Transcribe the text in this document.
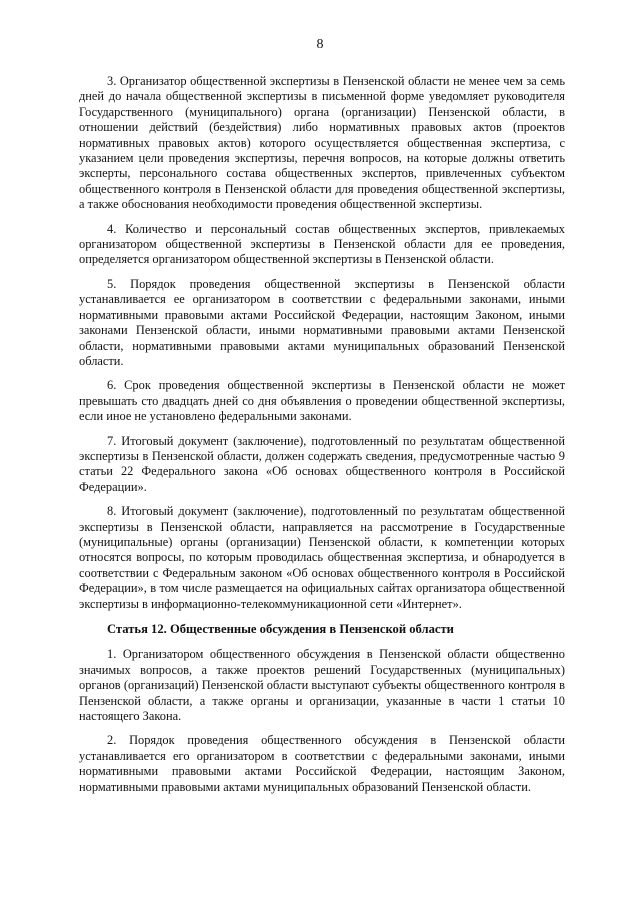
8

3. Организатор общественной экспертизы в Пензенской области не менее чем за семь дней до начала общественной экспертизы в письменной форме уведомляет руководителя Государственного (муниципального) органа (организации) Пензенской области, в отношении действий (бездействия) либо нормативных правовых актов (проектов нормативных правовых актов) которого осуществляется общественная экспертиза, с указанием цели проведения экспертизы, перечня вопросов, на которые должны ответить эксперты, персонального состава общественных экспертов, привлеченных субъектом общественного контроля в Пензенской области для проведения общественной экспертизы, а также обоснования необходимости проведения общественной экспертизы.

4. Количество и персональный состав общественных экспертов, привлекаемых организатором общественной экспертизы в Пензенской области для ее проведения, определяется организатором общественной экспертизы в Пензенской области.

5. Порядок проведения общественной экспертизы в Пензенской области устанавливается ее организатором в соответствии с федеральными законами, иными нормативными правовыми актами Российской Федерации, настоящим Законом, иными законами Пензенской области, иными нормативными правовыми актами Пензенской области, нормативными правовыми актами муниципальных образований Пензенской области.

6. Срок проведения общественной экспертизы в Пензенской области не может превышать сто двадцать дней со дня объявления о проведении общественной экспертизы, если иное не установлено федеральными законами.

7. Итоговый документ (заключение), подготовленный по результатам общественной экспертизы в Пензенской области, должен содержать сведения, предусмотренные частью 9 статьи 22 Федерального закона «Об основах общественного контроля в Российской Федерации».

8. Итоговый документ (заключение), подготовленный по результатам общественной экспертизы в Пензенской области, направляется на рассмотрение в Государственные (муниципальные) органы (организации) Пензенской области, к компетенции которых относятся вопросы, по которым проводилась общественная экспертиза, и обнародуется в соответствии с Федеральным законом «Об основах общественного контроля в Российской Федерации», в том числе размещается на официальных сайтах организатора общественной экспертизы в информационно-телекоммуникационной сети «Интернет».

Статья 12. Общественные обсуждения в Пензенской области

1. Организатором общественного обсуждения в Пензенской области общественно значимых вопросов, а также проектов решений Государственных (муниципальных) органов (организаций) Пензенской области выступают субъекты общественного контроля в Пензенской области, а также органы и организации, указанные в части 1 статьи 10 настоящего Закона.

2. Порядок проведения общественного обсуждения в Пензенской области устанавливается его организатором в соответствии с федеральными законами, иными нормативными правовыми актами Российской Федерации, настоящим Законом, нормативными правовыми актами муниципальных образований Пензенской области.
